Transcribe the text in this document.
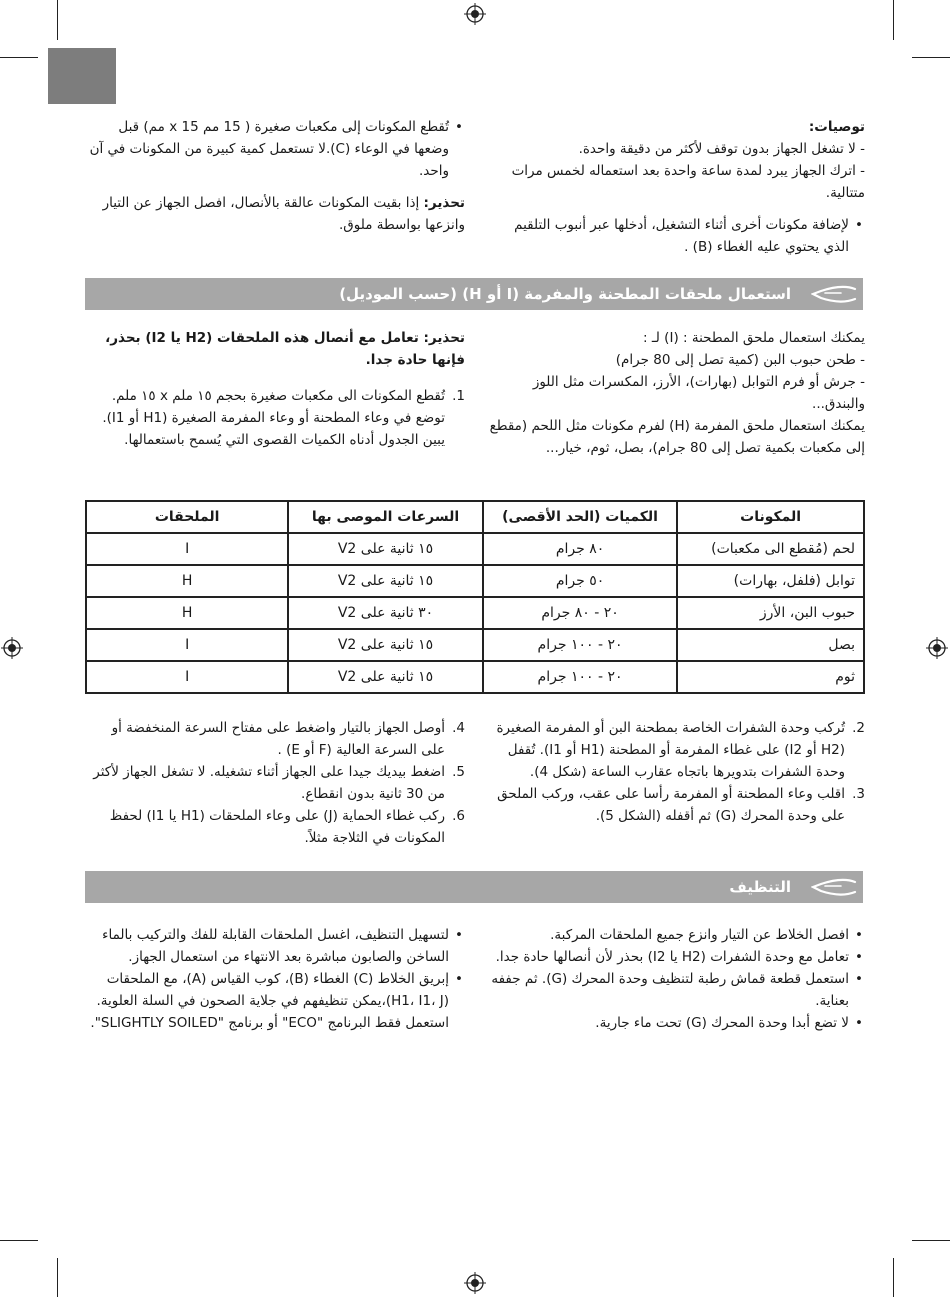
توصيات:
- لا تشغل الجهاز بدون توقف لأكثر من دقيقة واحدة.
- اترك الجهاز يبرد لمدة ساعة واحدة بعد استعماله لخمس مرات متتالية.
• لإضافة مكونات أخرى أثناء التشغيل، أدخلها عبر أنبوب التلقيم الذي يحتوي عليه الغطاء (B) .
• تُقطع المكونات إلى مكعبات صغيرة ( 15 مم x 15 مم) قبل وضعها في الوعاء (C).لا تستعمل كمية كبيرة من المكونات في آن واحد.
تحذير: إذا بقيت المكونات عالقة بالأنصال، افصل الجهاز عن التيار وانزعها بواسطة ملوق.
استعمال ملحقات المطحنة والمفرمة (I أو H) (حسب الموديل)
يمكنك استعمال ملحق المطحنة : (I) لـ :
- طحن حبوب البن (كمية تصل إلى 80 جرام)
- جرش أو فرم التوابل (بهارات)، الأرز، المكسرات مثل اللوز والبندق...
يمكنك استعمال ملحق المفرمة (H) لفرم مكونات مثل اللحم (مقطع إلى مكعبات بكمية تصل إلى 80 جرام)، بصل، ثوم، خيار...
تحذير: تعامل مع أنصال هذه الملحقات (H2 يا I2) بحذر، فإنها حادة جدا.
1.
تُقطع المكونات الى مكعبات صغيرة بحجم ١٥ ملم x ١٥ ملم. توضع في وعاء المطحنة أو وعاء المفرمة الصغيرة (H1 أو I1). يبين الجدول أدناه الكميات القصوى التي يُسمح باستعمالها.
المكونات	الكميات (الحد الأقصى)	السرعات الموصى بها	الملحقات
لحم (مُقطع الى مكعبات)	٨٠ جرام	١٥ ثانية على V2	I
توابل (فلفل، بهارات)	٥٠ جرام	١٥ ثانية على V2	H
حبوب البن، الأرز	٢٠ - ٨٠ جرام	٣٠ ثانية على V2	H
بصل	٢٠ - ١٠٠ جرام	١٥ ثانية على V2	I
ثوم	٢٠ - ١٠٠ جرام	١٥ ثانية على V2	I
2.
تُركب وحدة الشفرات الخاصة بمطحنة البن أو المفرمة الصغيرة (H2 أو I2) على غطاء المفرمة أو المطحنة (H1 أو I1). تُقفل وحدة الشفرات بتدويرها باتجاه عقارب الساعة (شكل 4).
3.
اقلب وعاء المطحنة أو المفرمة رأسا على عقب، وركب الملحق على وحدة المحرك (G) ثم أقفله (الشكل 5).
4.
أوصل الجهاز بالتيار واضغط على مفتاح السرعة المنخفضة أو على السرعة العالية (F أو E) .
5.
اضغط بيديك جيدا على الجهاز أثناء تشغيله. لا تشغل الجهاز لأكثر من 30 ثانية بدون انقطاع.
6.
ركب غطاء الحماية (J) على وعاء الملحقات (H1 يا I1) لحفظ المكونات في الثلاجة مثلاً.
التنظيف
• افصل الخلاط عن التيار وانزع جميع الملحقات المركبة.
• تعامل مع وحدة الشفرات (H2 يا I2) بحذر لأن أنصالها حادة جدا.
• استعمل قطعة قماش رطبة لتنظيف وحدة المحرك (G). ثم جففه بعناية.
• لا تضع أبدا وحدة المحرك (G) تحت ماء جارية.
• لتسهيل التنظيف، اغسل الملحقات القابلة للفك والتركيب بالماء الساخن والصابون مباشرة بعد الانتهاء من استعمال الجهاز.
• إبريق الخلاط (C) الغطاء (B)، كوب القياس (A)، مع الملحقات (H1، I1، J)،يمكن تنظيفهم في جلاية الصحون في السلة العلوية. استعمل فقط البرنامج "ECO" أو برنامج "SLIGHTLY SOILED".
